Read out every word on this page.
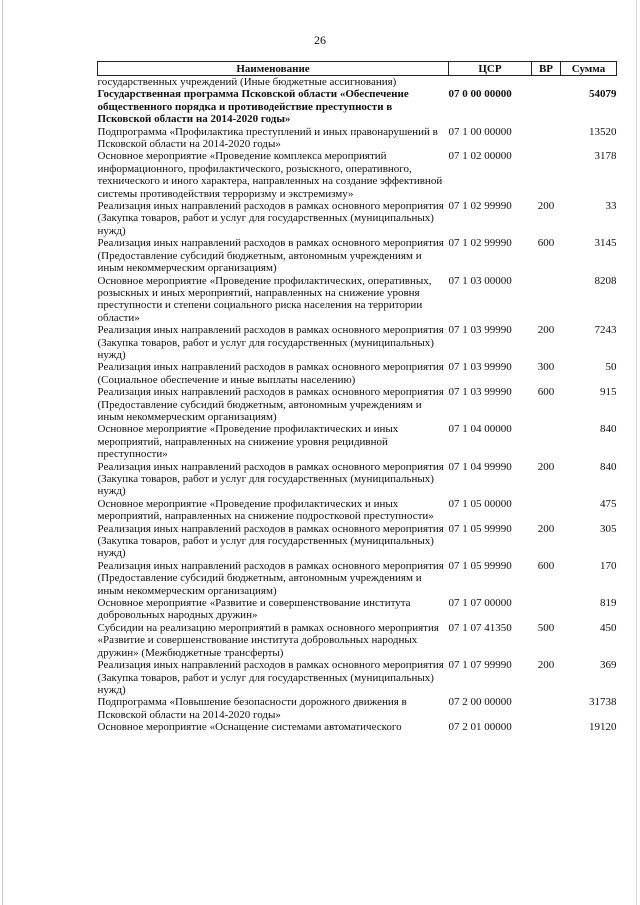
26
Наименование	ЦСР	ВР	Сумма
государственных учреждений (Иные бюджетные ассигнования)			
Государственная программа Псковской области «Обеспечение общественного порядка и противодействие преступности в Псковской области на 2014-2020 годы»	07 0 00 00000		54079
Подпрограмма «Профилактика преступлений и иных правонарушений в Псковской области на 2014-2020 годы»	07 1 00 00000		13520
Основное мероприятие «Проведение комплекса мероприятий информационного, профилактического, розыскного, оперативного, технического и иного характера, направленных на создание эффективной системы противодействия терроризму и экстремизму»	07 1 02 00000		3178
Реализация иных направлений расходов в рамках основного мероприятия (Закупка товаров, работ и услуг для государственных (муниципальных) нужд)	07 1 02 99990	200	33
Реализация иных направлений расходов в рамках основного мероприятия (Предоставление субсидий бюджетным, автономным учреждениям и иным некоммерческим организациям)	07 1 02 99990	600	3145
Основное мероприятие «Проведение профилактических, оперативных, розыскных и иных мероприятий, направленных на снижение уровня преступности и степени социального риска населения на территории области»	07 1 03 00000		8208
Реализация иных направлений расходов в рамках основного мероприятия (Закупка товаров, работ и услуг для государственных (муниципальных) нужд)	07 1 03 99990	200	7243
Реализация иных направлений расходов в рамках основного мероприятия (Социальное обеспечение и иные выплаты населению)	07 1 03 99990	300	50
Реализация иных направлений расходов в рамках основного мероприятия (Предоставление субсидий бюджетным, автономным учреждениям и иным некоммерческим организациям)	07 1 03 99990	600	915
Основное мероприятие «Проведение профилактических и иных мероприятий, направленных на снижение уровня рецидивной преступности»	07 1 04 00000		840
Реализация иных направлений расходов в рамках основного мероприятия (Закупка товаров, работ и услуг для государственных (муниципальных) нужд)	07 1 04 99990	200	840
Основное мероприятие «Проведение профилактических и иных мероприятий, направленных на снижение подростковой преступности»	07 1 05 00000		475
Реализация иных направлений расходов в рамках основного мероприятия (Закупка товаров, работ и услуг для государственных (муниципальных) нужд)	07 1 05 99990	200	305
Реализация иных направлений расходов в рамках основного мероприятия (Предоставление субсидий бюджетным, автономным учреждениям и иным некоммерческим организациям)	07 1 05 99990	600	170
Основное мероприятие «Развитие и совершенствование института добровольных народных дружин»	07 1 07 00000		819
Субсидии на реализацию мероприятий в рамках основного мероприятия «Развитие и совершенствование института добровольных народных дружин» (Межбюджетные трансферты)	07 1 07 41350	500	450
Реализация иных направлений расходов в рамках основного мероприятия (Закупка товаров, работ и услуг для государственных (муниципальных) нужд)	07 1 07 99990	200	369
Подпрограмма «Повышение безопасности дорожного движения в Псковской области на 2014-2020 годы»	07 2 00 00000		31738
Основное мероприятие «Оснащение системами автоматического	07 2 01 00000		19120
